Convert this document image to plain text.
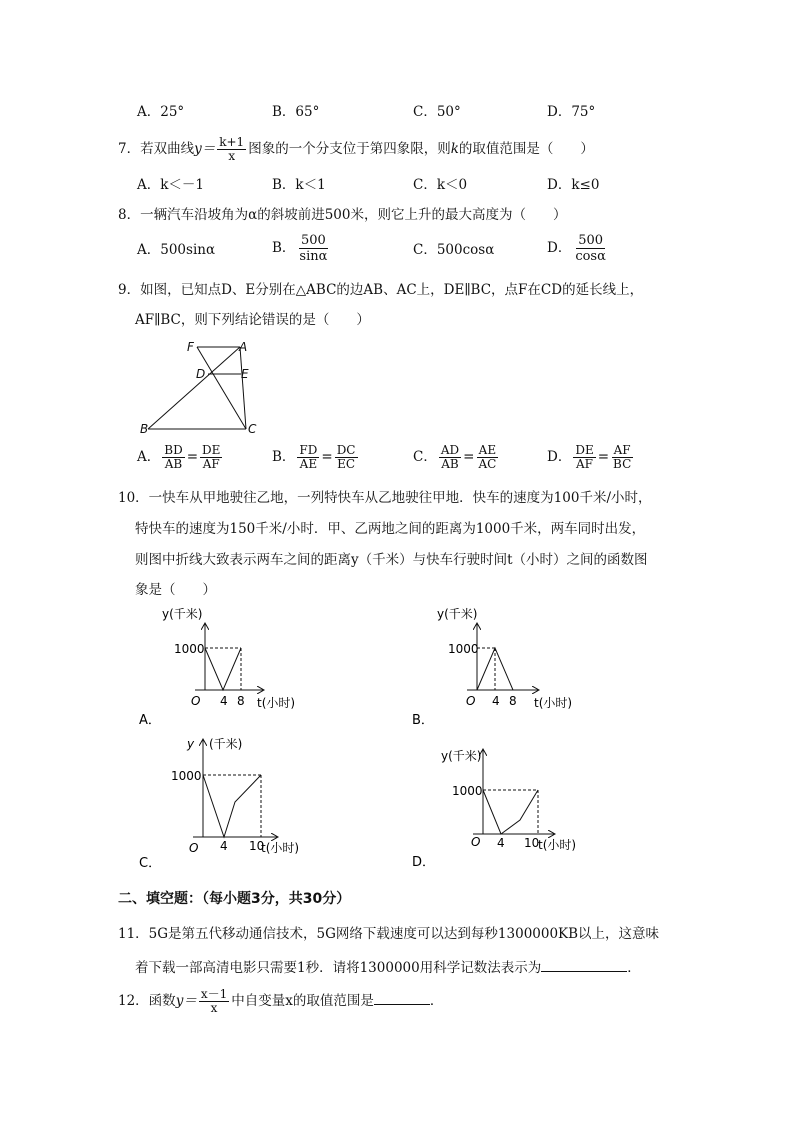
A．25°	B．65°	C．50°	D．75°
7．若双曲线$y= \frac{k+1}{x}$ 图象的一个分支位于第四象限，则k的取值范围是（　　）
A．k＜－1	B．k＜1	C．k＜0	D．k≤0
8．一辆汽车沿坡角为α的斜坡前进500米，则它上升的最大高度为（　　）
A．500sinα	B． $\frac{500}{\sin\alpha}$	C．500cosα	D． $\frac{500}{\cos\alpha}$
9．如图，已知点D、E分别在△ABC的边AB、AC上，DE∥BC，点F在CD的延长线上，
AF∥BC，则下列结论错误的是（　　）
F	A
D	E
B	C
A． $\frac{BD}{AB} = \frac{DE}{AF}$	B． $\frac{FD}{AE} = \frac{DC}{EC}$	C． $\frac{AD}{AB} = \frac{AE}{AC}$	D． $\frac{DE}{AF} = \frac{AF}{BC}$
10．一快车从甲地驶往乙地，一列特快车从乙地驶往甲地．快车的速度为100千米/小时，
特快车的速度为150千米/小时．甲、乙两地之间的距离为1000千米，两车同时出发，
则图中折线大致表示两车之间的距离y（千米）与快车行驶时间t（小时）之间的函数图
象是（　　）
y(千米)
1000
O 4 8 t(小时)
A．
y(千米)
1000
O 4 8 t(小时)
B．
y (千米)
1000
O 4 10
t(小时)
C．
y(千米)
1000
O 4 10
t(小时)
D．
二、填空题：（每小题3分，共30分）
11．5G是第五代移动通信技术，5G网络下载速度可以达到每秒1300000KB以上，这意味
着下载一部高清电影只需要1秒．请将1300000用科学记数法表示为	．
12．函数$y= \frac{x-1}{x}$ 中自变量x的取值范围是	．
